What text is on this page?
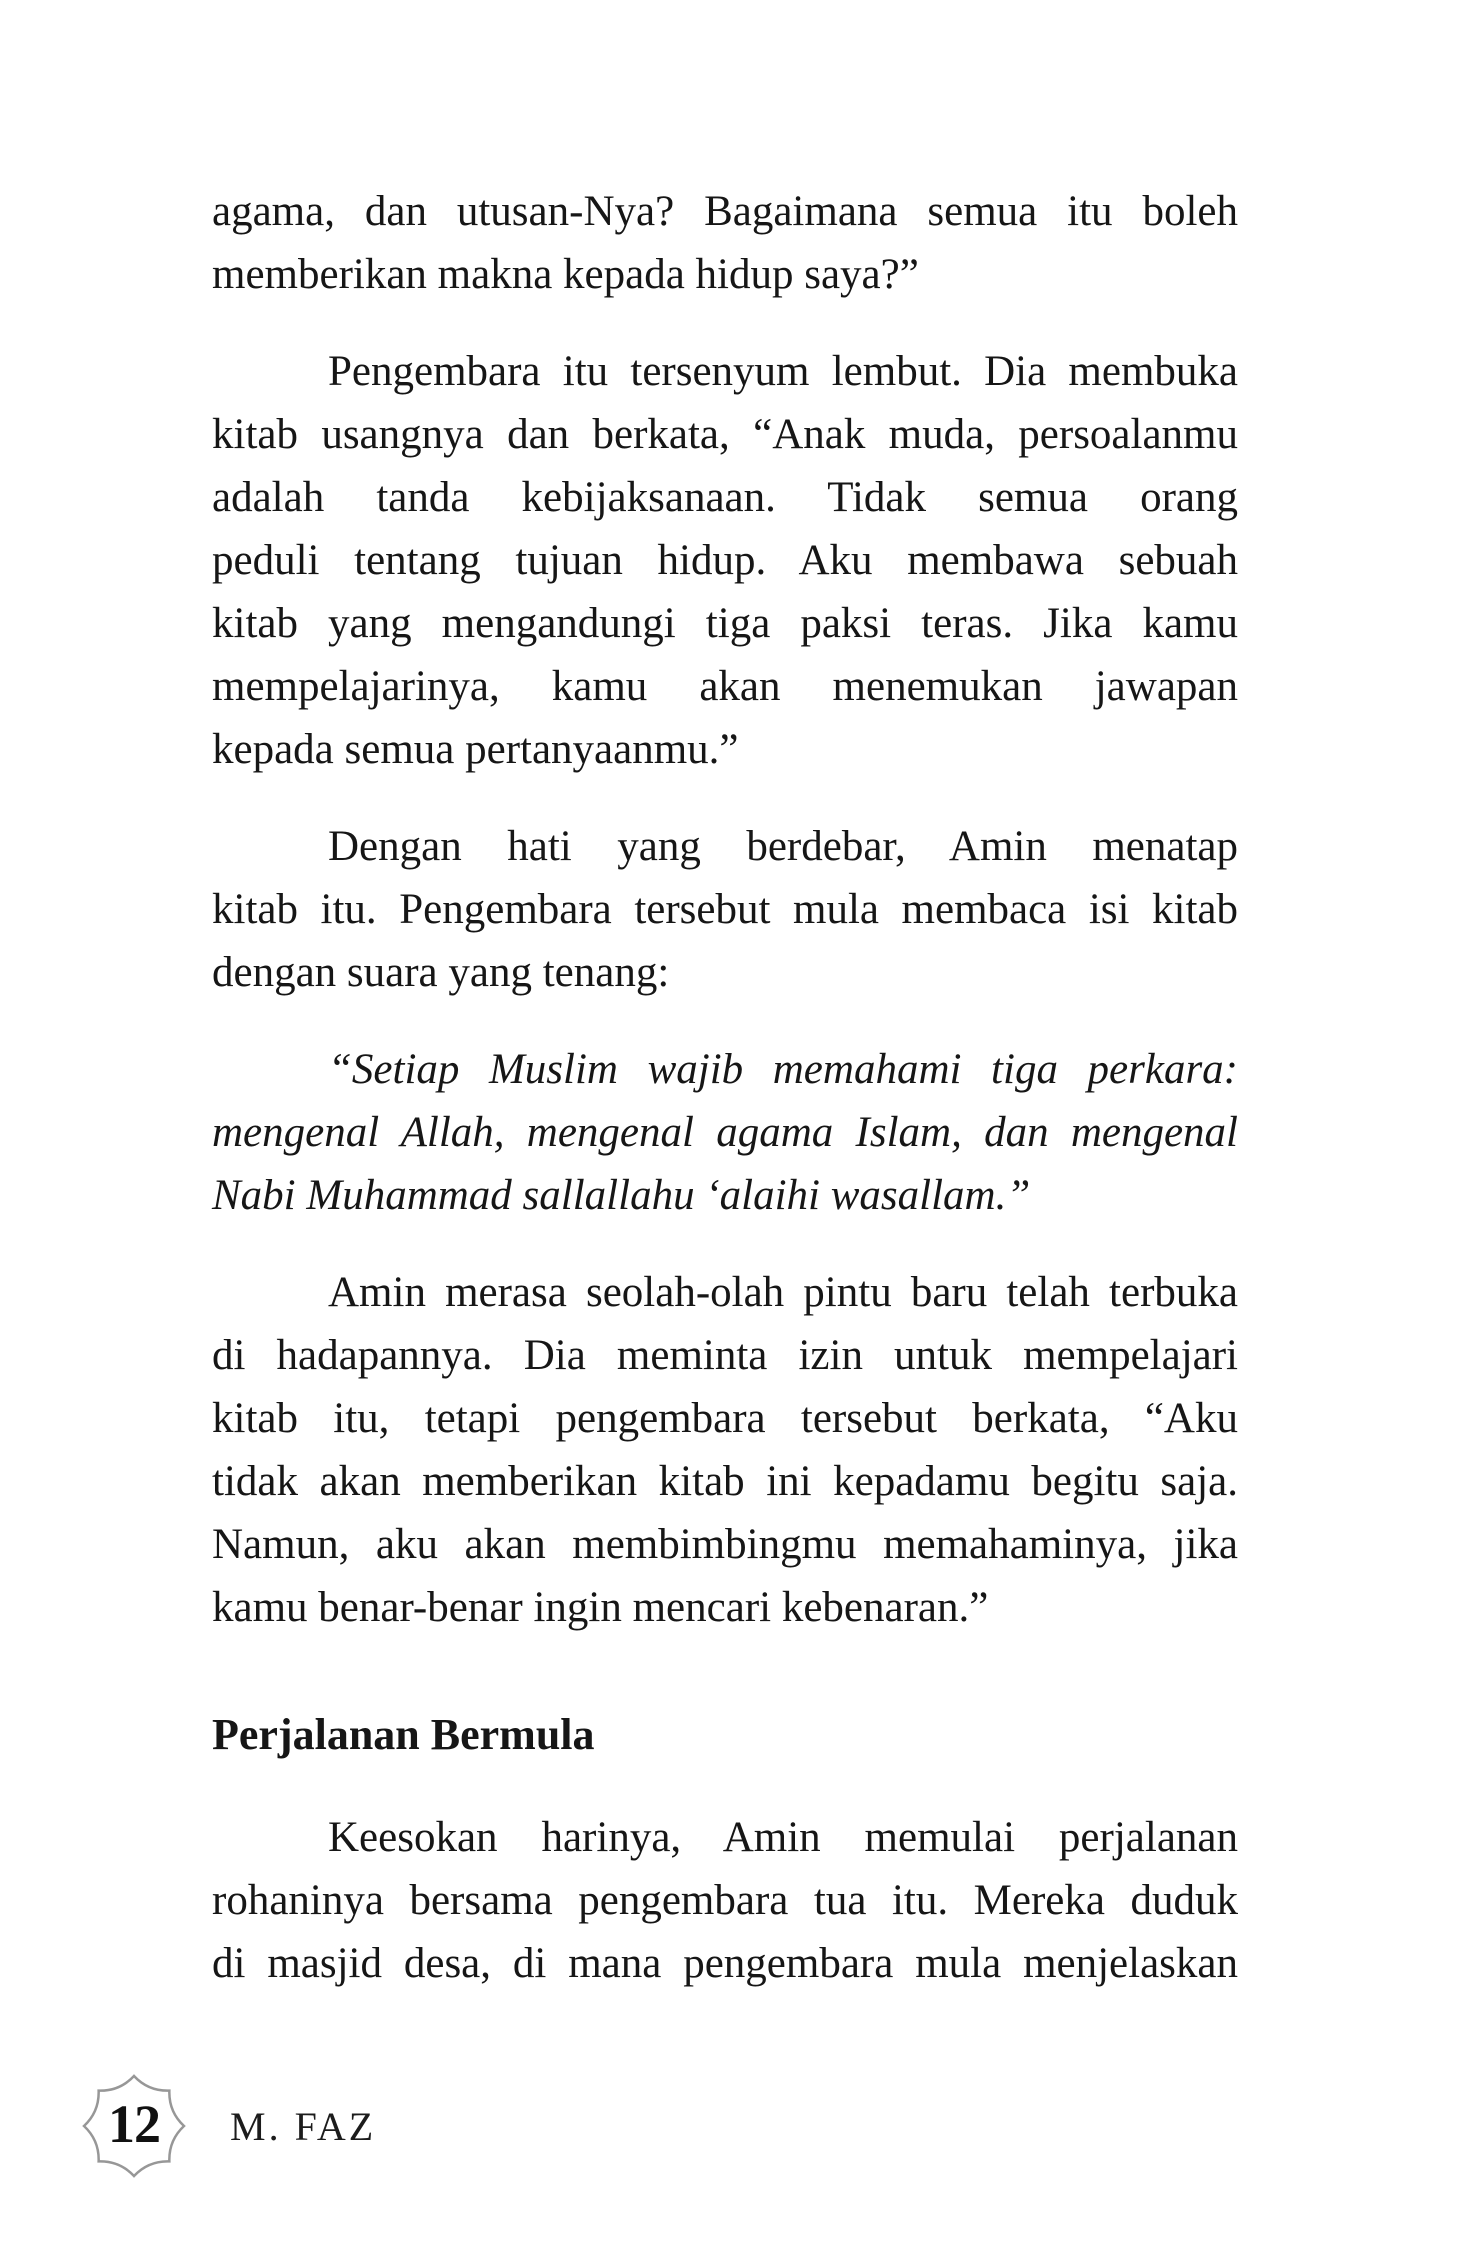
agama, dan utusan-Nya? Bagaimana semua itu boleh
memberikan makna kepada hidup saya?”

Pengembara itu tersenyum lembut. Dia membuka
kitab usangnya dan berkata, “Anak muda, persoalanmu
adalah tanda kebijaksanaan. Tidak semua orang
peduli tentang tujuan hidup. Aku membawa sebuah
kitab yang mengandungi tiga paksi teras. Jika kamu
mempelajarinya, kamu akan menemukan jawapan
kepada semua pertanyaanmu.”

Dengan hati yang berdebar, Amin menatap
kitab itu. Pengembara tersebut mula membaca isi kitab
dengan suara yang tenang:

“Setiap Muslim wajib memahami tiga perkara:
mengenal Allah, mengenal agama Islam, dan mengenal
Nabi Muhammad sallallahu ‘alaihi wasallam.”

Amin merasa seolah-olah pintu baru telah terbuka
di hadapannya. Dia meminta izin untuk mempelajari
kitab itu, tetapi pengembara tersebut berkata, “Aku
tidak akan memberikan kitab ini kepadamu begitu saja.
Namun, aku akan membimbingmu memahaminya, jika
kamu benar-benar ingin mencari kebenaran.”

Perjalanan Bermula

Keesokan harinya, Amin memulai perjalanan
rohaninya bersama pengembara tua itu. Mereka duduk
di masjid desa, di mana pengembara mula menjelaskan

12	M. FAZ
